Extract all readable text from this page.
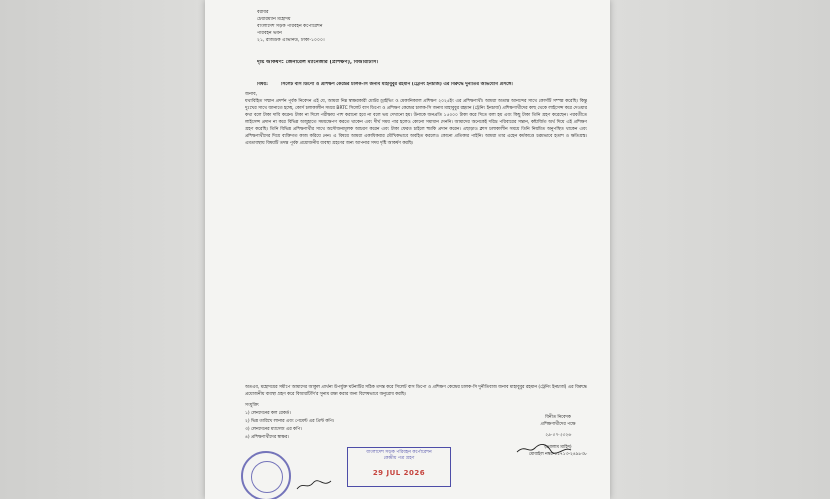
বরাবর
চেয়ারম্যান মহোদয়
বাংলাদেশ সড়ক পরিবহন কর্পোরেশন
পরিবহন ভবন
২১, রাজউক এভিনিউ, ঢাকা-১০০০।
দৃষ্টি আকর্ষণ: জেনারেল ম্যানেজার (প্রশিক্ষণ), বিআরটিসি।
বিষয়:	সিলেট বাস ডিপো ও প্রশিক্ষণ কেন্দ্রের চালক-সি জনাব মাহাবুবুর রহমান (ট্রেনিং ইনচার্জ) এর বিরুদ্ধে দুর্নীতির অভিযোগ প্রসঙ্গে।
জনাব,
যথাবিহিত সম্মান প্রদর্শন পূর্বক নিবেদন এই যে, আমরা নিম্ন স্বাক্ষরকারী মোটর ড্রাইভিং ও মেকানিক্যাল প্রশিক্ষণ ২০২৫ইং এর প্রশিক্ষণার্থী। আমরা অত্যন্ত আনন্দের সাথে কোর্সটি সম্পন্ন করেছি। কিন্তু দুঃখের সাথে জানাতে হচ্ছে, কোর্স চলাকালীন সময়ে BRTC সিলেট বাস ডিপো ও প্রশিক্ষণ কেন্দ্রের চালক-সি জনাব মাহাবুবুর রহমান (ট্রেনিং ইনচার্জ) প্রশিক্ষণার্থীদের কাছ থেকে লাইসেন্স করে দেওয়ার কথা বলে টাকা দাবি করেন। টাকা না দিলে পরীক্ষায় পাশ করানো হবে না বলে ভয় দেখানো হয়। উনাকে জনপ্রতি ১৫০০০ টাকা করে দিতে বলা হয় এবং কিছু টাকা তিনি গ্রহণ করেছেন। পরবর্তীতে লাইসেন্স প্রদান না করে বিভিন্ন অজুহাতে সময়ক্ষেপণ করতে থাকেন এবং দীর্ঘ সময় পার হলেও কোনো সমাধান দেননি। আমাদের অনেকেই দরিদ্র পরিবারের সন্তান, কষ্টার্জিত অর্থ দিয়ে এই প্রশিক্ষণ গ্রহণ করেছি। তিনি বিভিন্ন প্রশিক্ষণার্থীর সাথে অসৌজন্যমূলক আচরণ করেন এবং টাকা ফেরত চাইলে হুমকি প্রদান করেন। এছাড়াও ক্লাস চলাকালীন সময়ে তিনি নিয়মিত অনুপস্থিত থাকেন এবং প্রশিক্ষণার্থীদের দিয়ে ব্যক্তিগত কাজ করিয়ে নেন। এ বিষয়ে আমরা একাধিকবার মৌখিকভাবে অবহিত করলেও কোনো প্রতিকার পাইনি। আমরা তার এহেন কর্মকাণ্ডে চরমভাবে হতাশ ও ক্ষতিগ্রস্ত। এমতাবস্থায় বিষয়টি তদন্ত পূর্বক প্রয়োজনীয় ব্যবস্থা গ্রহণের জন্য আপনার সদয় দৃষ্টি আকর্ষণ করছি।
অতএব, মহোদয়ের সমীপে আমাদের আকুল প্রার্থনা উপর্যুক্ত ঘটনাটির সঠিক তদন্ত করে সিলেট বাস ডিপো ও প্রশিক্ষণ কেন্দ্রের চালক-সি দুর্নীতিবাজ জনাব মাহাবুবুর রহমান (ট্রেনিং ইনচার্জ) এর বিরুদ্ধে প্রয়োজনীয় ব্যবস্থা গ্রহণ করে বিআরটিসি'র সুনাম রক্ষা করার জন্য বিশেষভাবে অনুরোধ করছি।
সংযুক্তি:
১) লেনদেনের কল রেকর্ড।
২) ভিন্ন তারিখে লানার এবং পেমেন্ট এর প্রিন্ট কপি।
৩) লেনদেনের ম্যাসেজ এর কপি।
৪) প্রশিক্ষণার্থীদের স্বাক্ষর।
বিনীত নিবেদক
প্রশিক্ষণার্থীদের পক্ষে
২৯-০৭-২০২৬
(গোলাম মাহিদ)
মোবাইল নম্বর-০১৭১৩-২৪৯৮৩৮
বাংলাদেশ সড়ক পরিবহন কর্পোরেশন
কেন্দ্রীয় পত্র গ্রহণ
29 JUL 2026
